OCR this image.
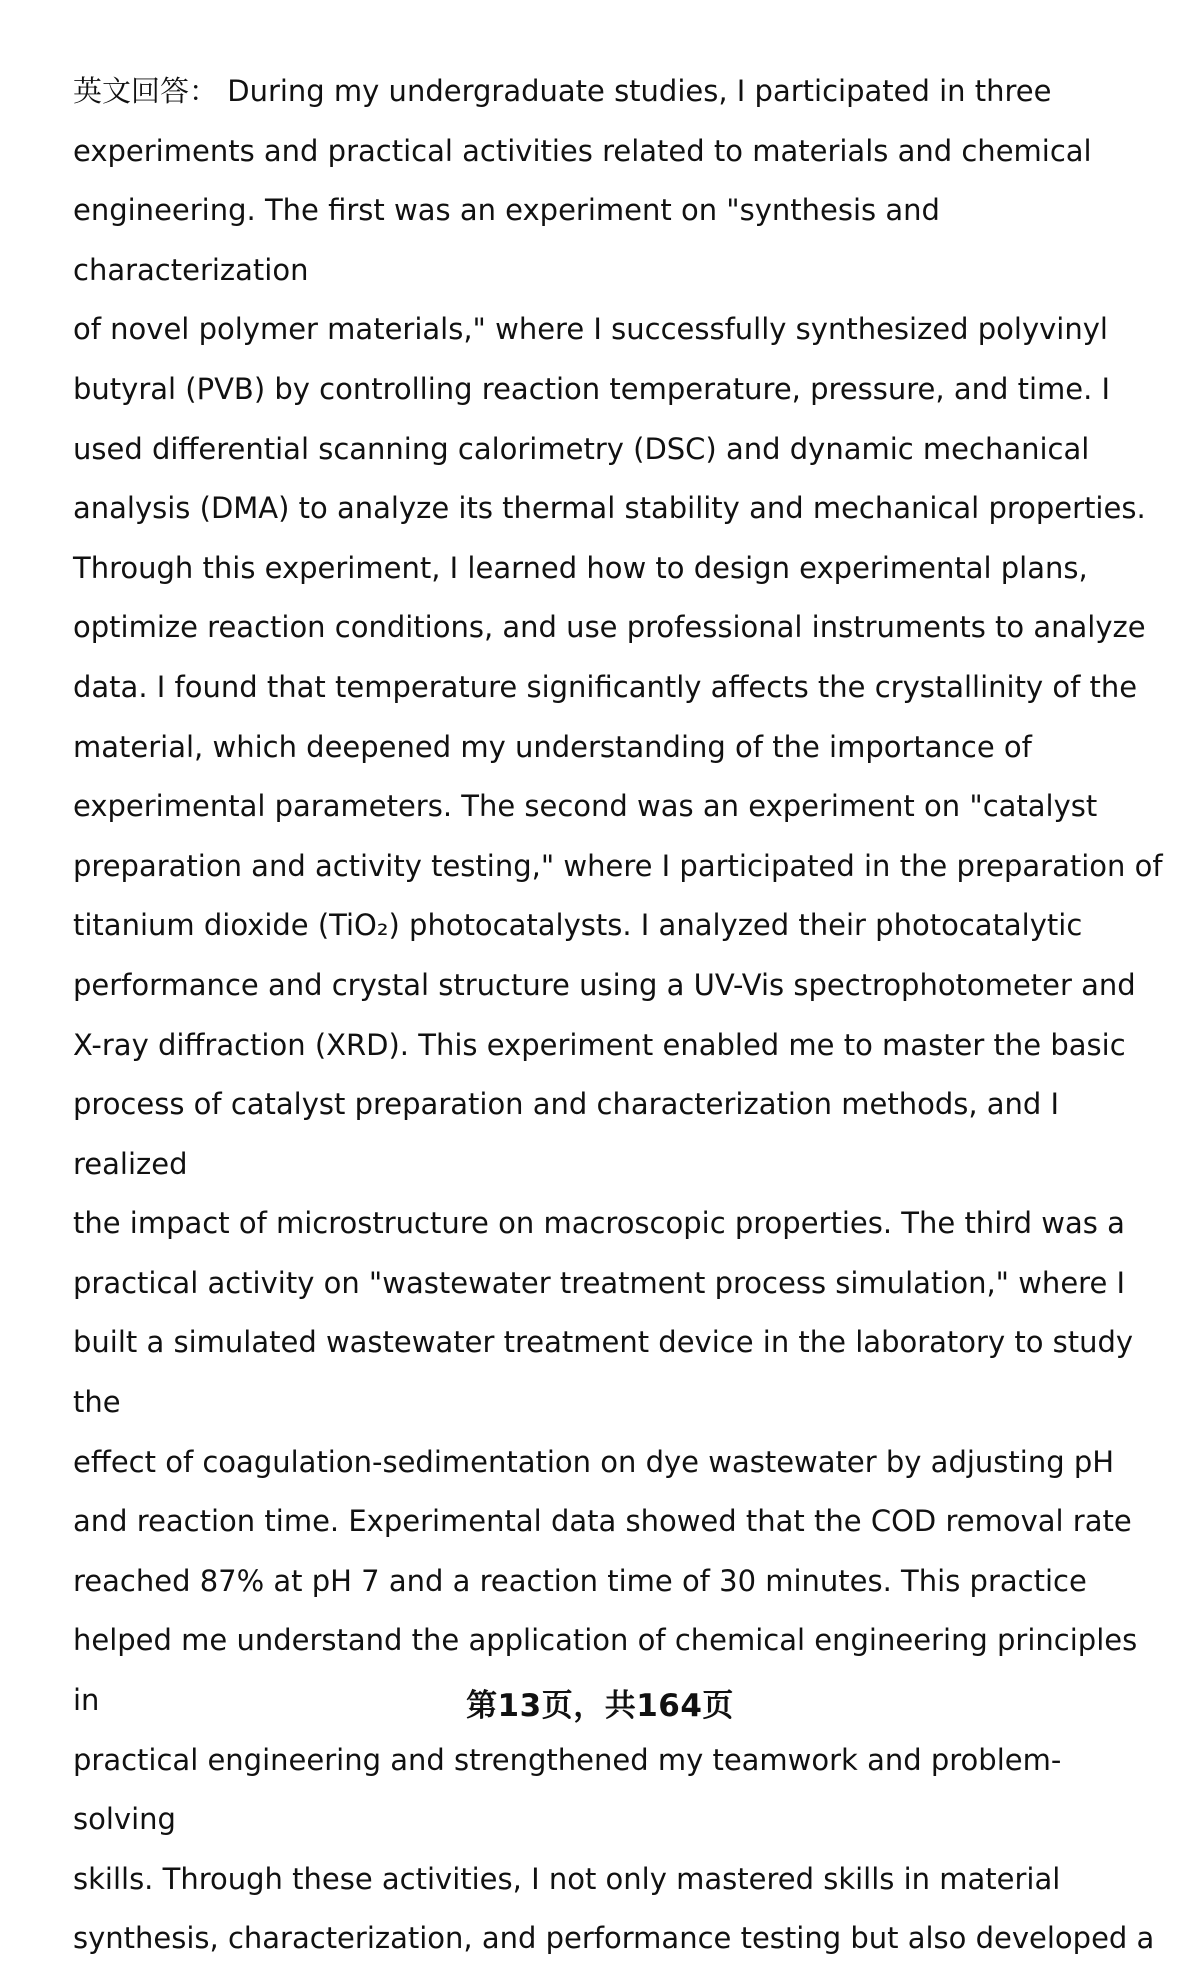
英文回答： During my undergraduate studies, I participated in three
experiments and practical activities related to materials and chemical
engineering. The first was an experiment on "synthesis and characterization
of novel polymer materials," where I successfully synthesized polyvinyl
butyral (PVB) by controlling reaction temperature, pressure, and time. I
used differential scanning calorimetry (DSC) and dynamic mechanical
analysis (DMA) to analyze its thermal stability and mechanical properties.
Through this experiment, I learned how to design experimental plans,
optimize reaction conditions, and use professional instruments to analyze
data. I found that temperature significantly affects the crystallinity of the
material, which deepened my understanding of the importance of
experimental parameters. The second was an experiment on "catalyst
preparation and activity testing," where I participated in the preparation of
titanium dioxide (TiO₂) photocatalysts. I analyzed their photocatalytic
performance and crystal structure using a UV-Vis spectrophotometer and
X-ray diffraction (XRD). This experiment enabled me to master the basic
process of catalyst preparation and characterization methods, and I realized
the impact of microstructure on macroscopic properties. The third was a
practical activity on "wastewater treatment process simulation," where I
built a simulated wastewater treatment device in the laboratory to study the
effect of coagulation-sedimentation on dye wastewater by adjusting pH
and reaction time. Experimental data showed that the COD removal rate
reached 87% at pH 7 and a reaction time of 30 minutes. This practice
helped me understand the application of chemical engineering principles in
practical engineering and strengthened my teamwork and problem-solving
skills. Through these activities, I not only mastered skills in material
synthesis, characterization, and performance testing but also developed a

第13页，共164页
